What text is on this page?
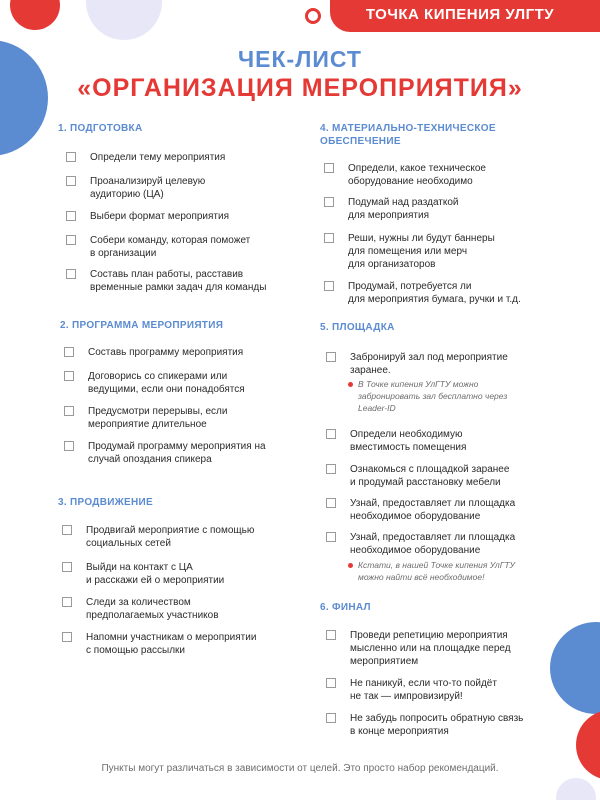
ТОЧКА КИПЕНИЯ УЛГТУ
ЧЕК-ЛИСТ
«ОРГАНИЗАЦИЯ МЕРОПРИЯТИЯ»
1. ПОДГОТОВКА
Определи тему мероприятия
Проанализируй целевую
аудиторию (ЦА)
Выбери формат мероприятия
Собери команду, которая поможет
в организации
Составь план работы, расставив
временные рамки задач для команды
2. ПРОГРАММА МЕРОПРИЯТИЯ
Составь программу мероприятия
Договорись со спикерами или
ведущими, если они понадобятся
Предусмотри перерывы, если
мероприятие длительное
Продумай программу мероприятия на
случай опоздания спикера
3. ПРОДВИЖЕНИЕ
Продвигай мероприятие с помощью
социальных сетей
Выйди на контакт с ЦА
и расскажи ей о мероприятии
Следи за количеством
предполагаемых участников
Напомни участникам о мероприятии
с помощью рассылки
4. МАТЕРИАЛЬНО-ТЕХНИЧЕСКОЕ
ОБЕСПЕЧЕНИЕ
Определи, какое техническое
оборудование необходимо
Подумай над раздаткой
для мероприятия
Реши, нужны ли будут баннеры
для помещения или мерч
для организаторов
Продумай, потребуется ли
для мероприятия бумага, ручки и т.д.
5. ПЛОЩАДКА
Забронируй зал под мероприятие
заранее.
В Точке кипения УлГТУ можно
забронировать зал бесплатно через
Leader-ID
Определи необходимую
вместимость помещения
Ознакомься с площадкой заранее
и продумай расстановку мебели
Узнай, предоставляет ли площадка
необходимое оборудование
Узнай, предоставляет ли площадка
необходимое оборудование
Кстати, в нашей Точке кипения УлГТУ
можно найти всё необходимое!
6. ФИНАЛ
Проведи репетицию мероприятия
мысленно или на площадке перед
мероприятием
Не паникуй, если что-то пойдёт
не так — импровизируй!
Не забудь попросить обратную связь
в конце мероприятия
Пункты могут различаться в зависимости от целей. Это просто набор рекомендаций.
